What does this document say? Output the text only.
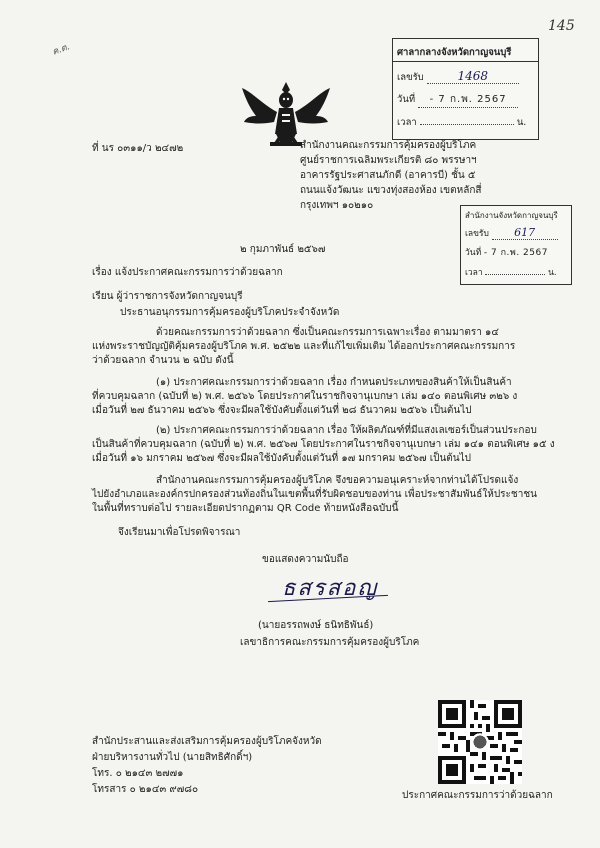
ค.ต.
145
ศาลากลางจังหวัดกาญจนบุรี
เลขรับ	1468
วันที่ - 7 ก.พ. 2567
เวลา	น.
ที่ นร ๐๓๑๑/ว ๒๔๗๒	สำนักงานคณะกรรมการคุ้มครองผู้บริโภค
ศูนย์ราชการเฉลิมพระเกียรติ ๘๐ พรรษาฯ
อาคารรัฐประศาสนภักดี (อาคารบี) ชั้น ๕
ถนนแจ้งวัฒนะ แขวงทุ่งสองห้อง เขตหลักสี่
กรุงเทพฯ ๑๐๒๑๐
สำนักงานจังหวัดกาญจนบุรี
เลขรับ 617
วันที่ - 7 ก.พ. 2567
เวลา	น.
๒ กุมภาพันธ์ ๒๕๖๗
เรื่อง แจ้งประกาศคณะกรรมการว่าด้วยฉลาก
เรียน ผู้ว่าราชการจังหวัดกาญจนบุรี
ประธานอนุกรรมการคุ้มครองผู้บริโภคประจำจังหวัด
ด้วยคณะกรรมการว่าด้วยฉลาก ซึ่งเป็นคณะกรรมการเฉพาะเรื่อง ตามมาตรา ๑๔
แห่งพระราชบัญญัติคุ้มครองผู้บริโภค พ.ศ. ๒๕๒๒ และที่แก้ไขเพิ่มเติม ได้ออกประกาศคณะกรรมการ
ว่าด้วยฉลาก จำนวน ๒ ฉบับ ดังนี้
(๑) ประกาศคณะกรรมการว่าด้วยฉลาก เรื่อง กำหนดประเภทของสินค้าให้เป็นสินค้า
ที่ควบคุมฉลาก (ฉบับที่ ๒) พ.ศ. ๒๕๖๖ โดยประกาศในราชกิจจานุเบกษา เล่ม ๑๔๐ ตอนพิเศษ ๓๒๖ ง
เมื่อวันที่ ๒๗ ธันวาคม ๒๕๖๖ ซึ่งจะมีผลใช้บังคับตั้งแต่วันที่ ๒๘ ธันวาคม ๒๕๖๖ เป็นต้นไป
(๒) ประกาศคณะกรรมการว่าด้วยฉลาก เรื่อง ให้ผลิตภัณฑ์ที่มีแสงเลเซอร์เป็นส่วนประกอบ
เป็นสินค้าที่ควบคุมฉลาก (ฉบับที่ ๒) พ.ศ. ๒๕๖๗ โดยประกาศในราชกิจจานุเบกษา เล่ม ๑๔๑ ตอนพิเศษ ๑๕ ง
เมื่อวันที่ ๑๖ มกราคม ๒๕๖๗ ซึ่งจะมีผลใช้บังคับตั้งแต่วันที่ ๑๗ มกราคม ๒๕๖๗ เป็นต้นไป
สำนักงานคณะกรรมการคุ้มครองผู้บริโภค จึงขอความอนุเคราะห์จากท่านได้โปรดแจ้ง
ไปยังอำเภอและองค์กรปกครองส่วนท้องถิ่นในเขตพื้นที่รับผิดชอบของท่าน เพื่อประชาสัมพันธ์ให้ประชาชน
ในพื้นที่ทราบต่อไป รายละเอียดปรากฏตาม QR Code ท้ายหนังสือฉบับนี้
จึงเรียนมาเพื่อโปรดพิจารณา
ขอแสดงความนับถือ
ธสรสอญ
(นายอรรถพงษ์ ธนิทธิพันธ์)
เลขาธิการคณะกรรมการคุ้มครองผู้บริโภค
สำนักประสานและส่งเสริมการคุ้มครองผู้บริโภคจังหวัด
ฝ่ายบริหารงานทั่วไป (นายสิทธิศักดิ์ฯ)
โทร. ๐ ๒๑๔๓ ๒๗๗๑
โทรสาร ๐ ๒๑๔๓ ๙๗๘๐
ประกาศคณะกรรมการว่าด้วยฉลาก
